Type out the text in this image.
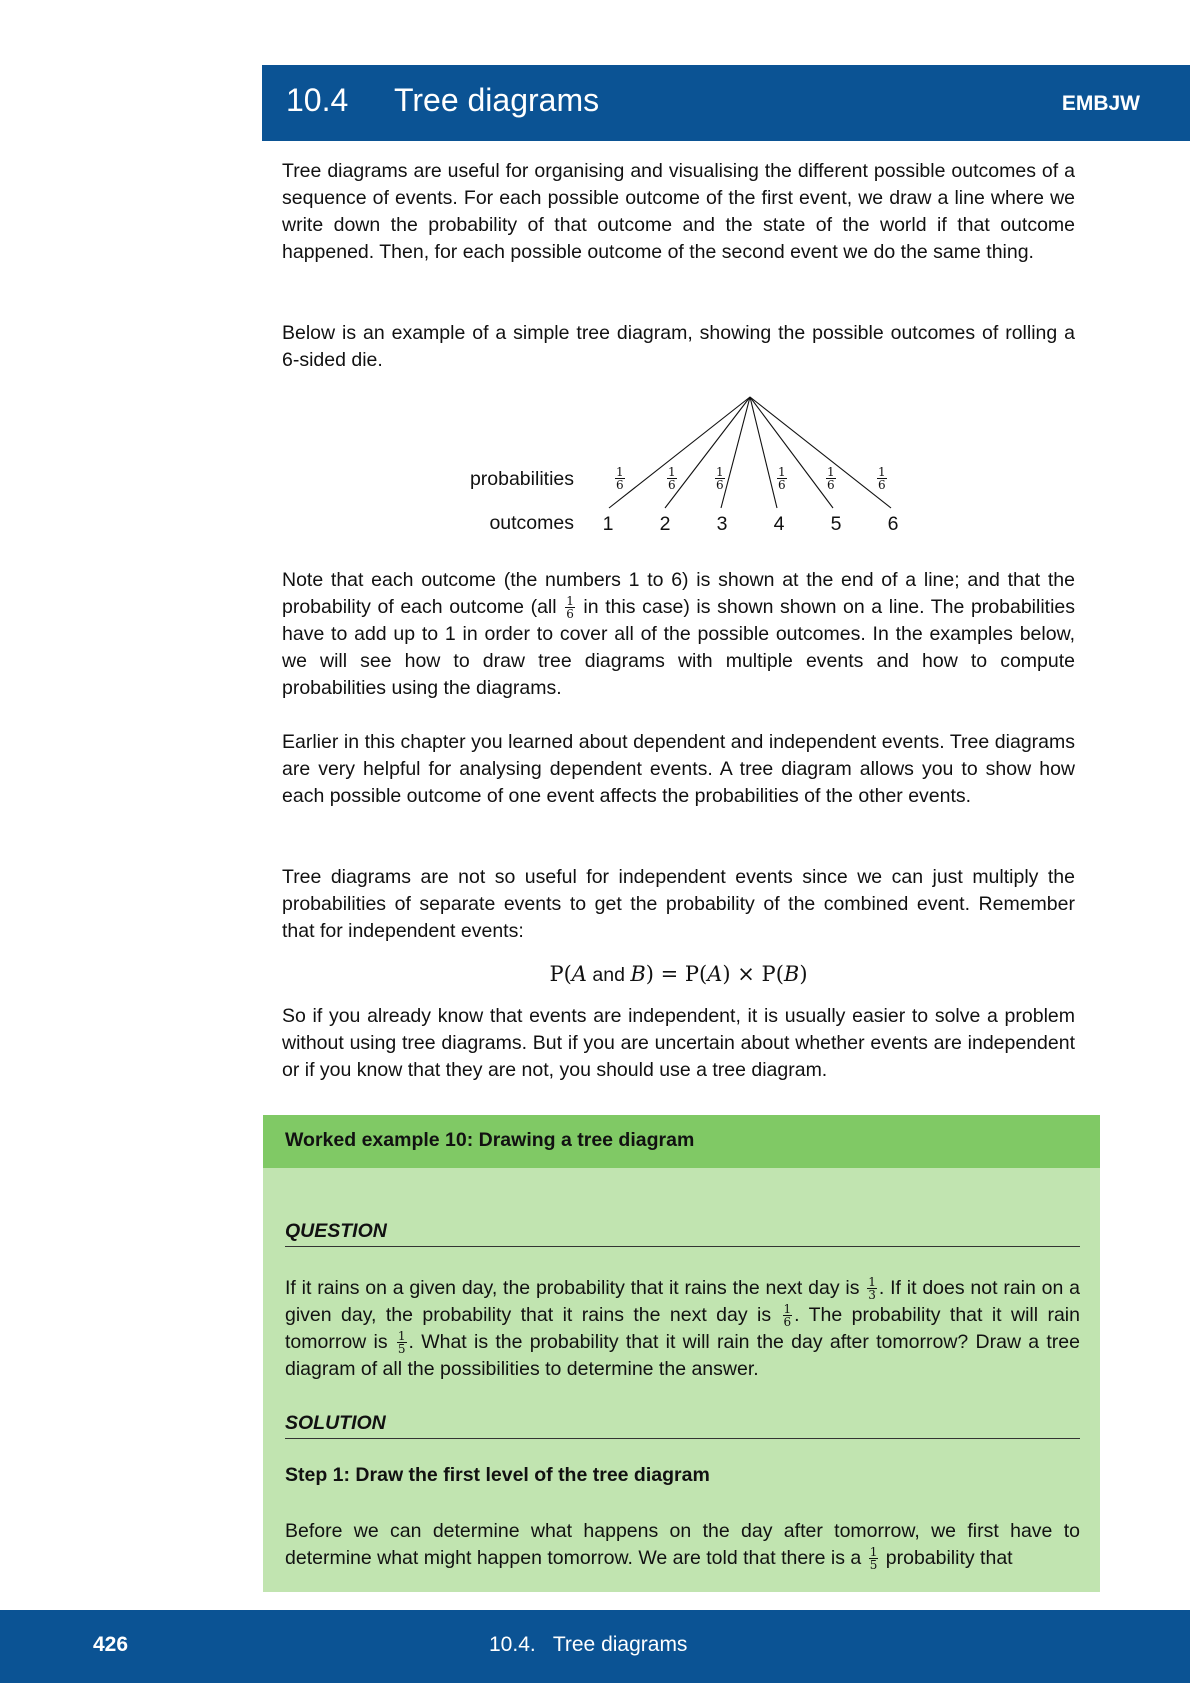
10.4 Tree diagrams	EMBJW

Tree diagrams are useful for organising and visualising the different possible outcomes of a sequence of events. For each possible outcome of the first event, we draw a line where we write down the probability of that outcome and the state of the world if that outcome happened. Then, for each possible outcome of the second event we do the same thing.

Below is an example of a simple tree diagram, showing the possible outcomes of rolling a 6-sided die.

probabilities
outcomes
$\frac{1}{6}$	$\frac{1}{6}$	$\frac{1}{6}$	$\frac{1}{6}$	$\frac{1}{6}$	$\frac{1}{6}$
1 2 3 4 5 6

Note that each outcome (the numbers 1 to 6) is shown at the end of a line; and that the probability of each outcome ($all \frac{1}{6}$ in this case) is shown shown on a line. The probabilities have to add up to 1 in order to cover all of the possible outcomes. In the examples below, we will see how to draw tree diagrams with multiple events and how to compute probabilities using the diagrams.

Earlier in this chapter you learned about dependent and independent events. Tree diagrams are very helpful for analysing dependent events. A tree diagram allows you to show how each possible outcome of one event affects the probabilities of the other events.

Tree diagrams are not so useful for independent events since we can just multiply the probabilities of separate events to get the probability of the combined event. Remember that for independent events:

P(A and B) = P(A) × P(B)

So if you already know that events are independent, it is usually easier to solve a problem without using tree diagrams. But if you are uncertain about whether events are independent or if you know that they are not, you should use a tree diagram.

Worked example 10: Drawing a tree diagram
QUESTION

If it rains on a given day, the probability that it rains the next day is $\frac{1}{3}$ . If it does not rain on a given day, the probability that it rains the next day is $\frac{1}{6}$ . The probability that it will rain tomorrow is $\frac{1}{5}$ . What is the probability that it will rain the day after tomorrow? Draw a tree diagram of all the possibilities to determine the answer.

SOLUTION
Step 1: Draw the first level of the tree diagram

Before we can determine what happens on the day after tomorrow, we first have to determine what might happen tomorrow. We are told that there is a $\frac{1}{5}$ probability that

426	10.4.   Tree diagrams
